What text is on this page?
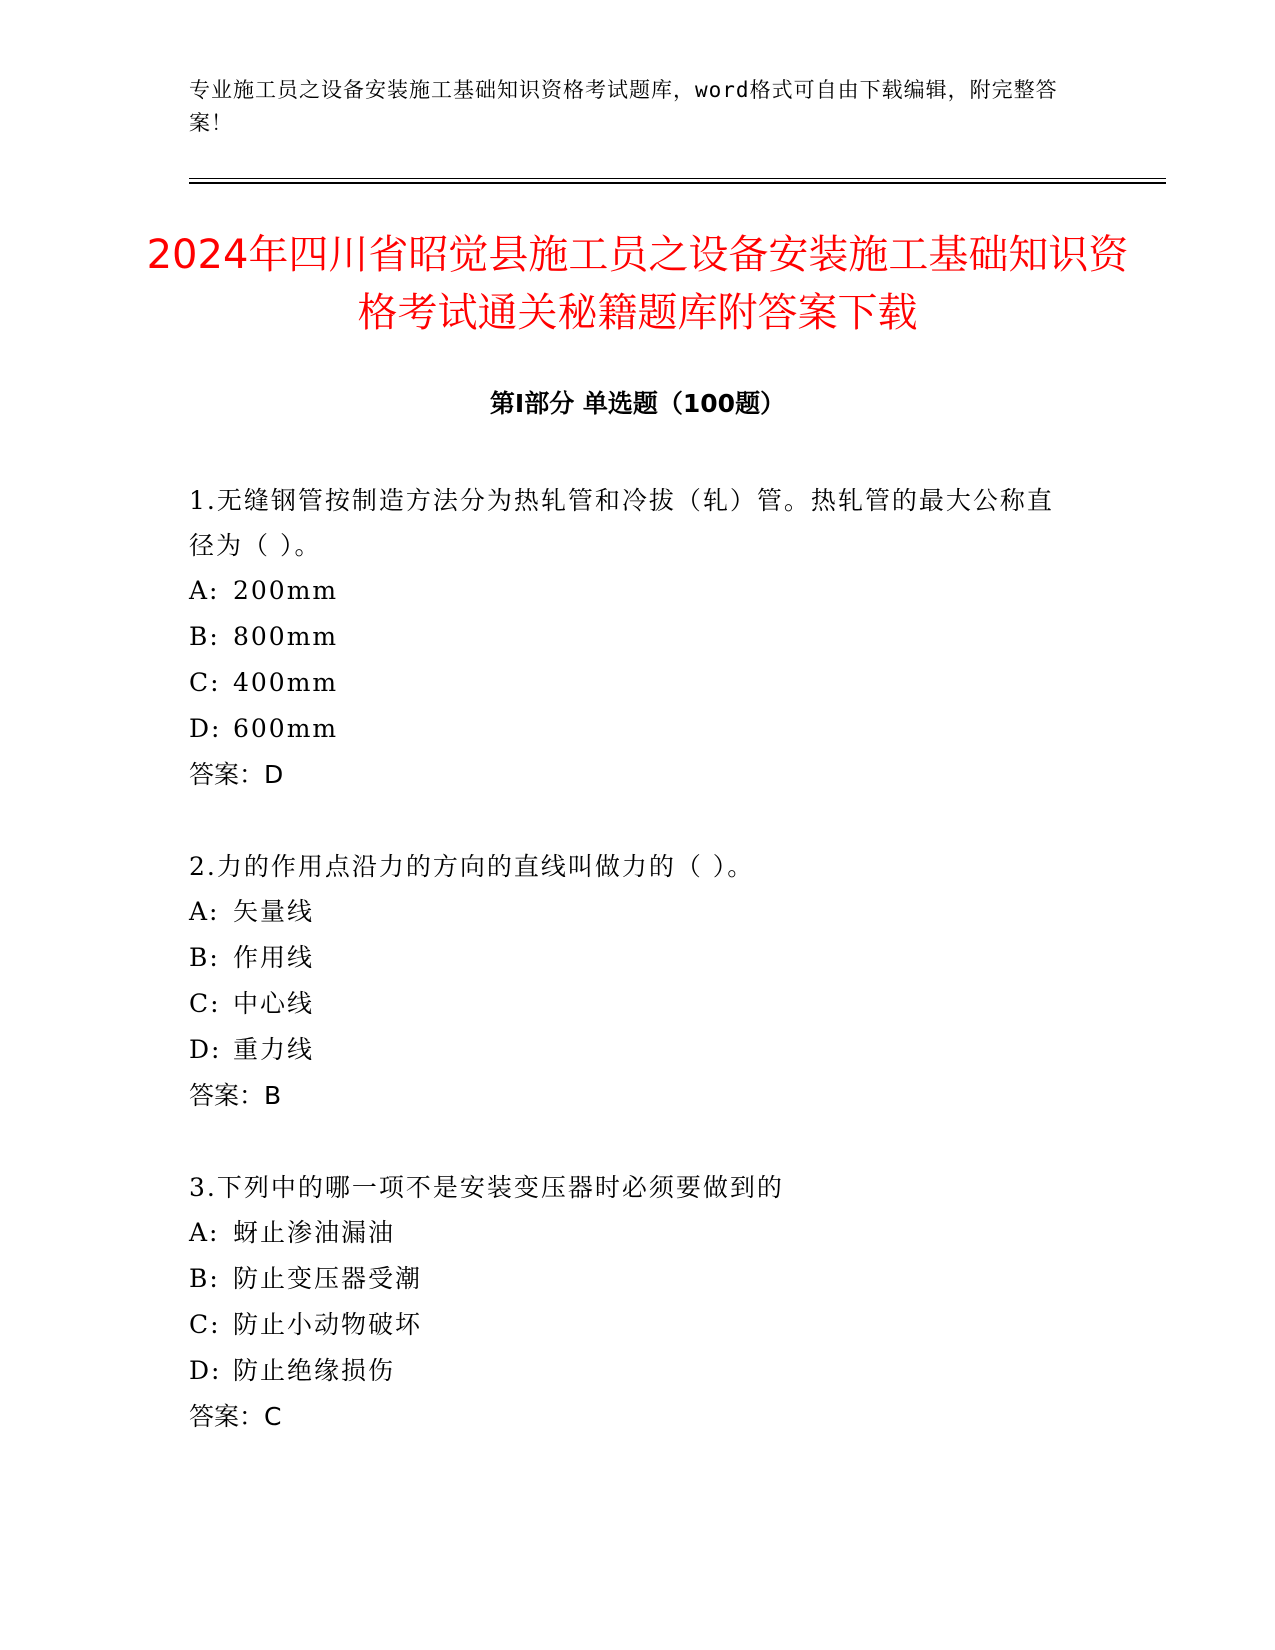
专业施工员之设备安装施工基础知识资格考试题库，word格式可自由下载编辑，附完整答案！
2024年四川省昭觉县施工员之设备安装施工基础知识资格考试通关秘籍题库附答案下载
第Ⅰ部分 单选题（100题）

1.无缝钢管按制造方法分为热轧管和冷拔（轧）管。热轧管的最大公称直径为（ ）。

A: 200mm

B: 800mm

C: 400mm

D: 600mm

答案：D

2.力的作用点沿力的方向的直线叫做力的（ ）。

A: 矢量线

B: 作用线

C: 中心线

D: 重力线

答案：B

3.下列中的哪一项不是安装变压器时必须要做到的

A: 蚜止渗油漏油

B: 防止变压器受潮

C: 防止小动物破坏

D: 防止绝缘损伤

答案：C
